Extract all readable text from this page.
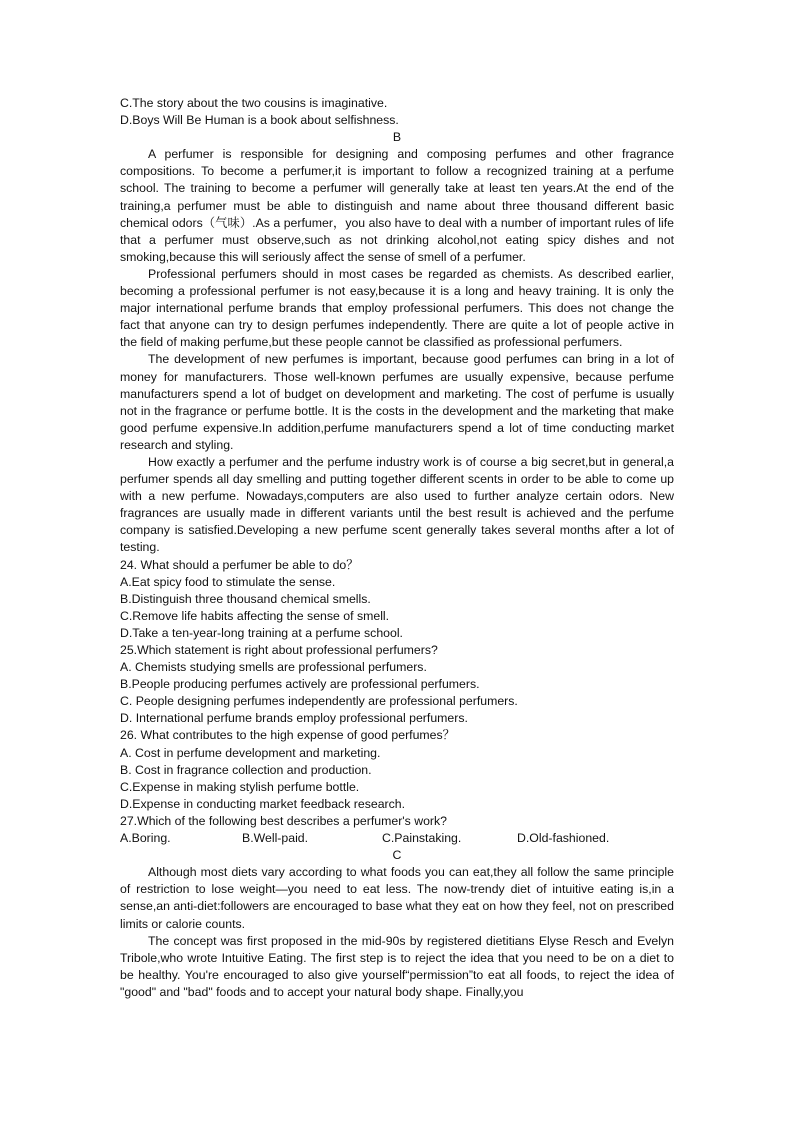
C.The story about the two cousins is imaginative.
D.Boys Will Be Human is a book about selfishness.
B

A perfumer is responsible for designing and composing perfumes and other fragrance compositions. To become a perfumer,it is important to follow a recognized training at a perfume school. The training to become a perfumer will generally take at least ten years.At the end of the training,a perfumer must be able to distinguish and name about three thousand different basic chemical odors（气味）.As a perfumer，you also have to deal with a number of important rules of life that a perfumer must observe,such as not drinking alcohol,not eating spicy dishes and not smoking,because this will seriously affect the sense of smell of a perfumer.

Professional perfumers should in most cases be regarded as chemists. As described earlier, becoming a professional perfumer is not easy,because it is a long and heavy training. It is only the major international perfume brands that employ professional perfumers. This does not change the fact that anyone can try to design perfumes independently. There are quite a lot of people active in the field of making perfume,but these people cannot be classified as professional perfumers.

The development of new perfumes is important, because good perfumes can bring in a lot of money for manufacturers. Those well-known perfumes are usually expensive, because perfume manufacturers spend a lot of budget on development and marketing. The cost of perfume is usually not in the fragrance or perfume bottle. It is the costs in the development and the marketing that make good perfume expensive.In addition,perfume manufacturers spend a lot of time conducting market research and styling.

How exactly a perfumer and the perfume industry work is of course a big secret,but in general,a perfumer spends all day smelling and putting together different scents in order to be able to come up with a new perfume. Nowadays,computers are also used to further analyze certain odors. New fragrances are usually made in different variants until the best result is achieved and the perfume company is satisfied.Developing a new perfume scent generally takes several months after a lot of testing.

24. What should a perfumer be able to do？
A.Eat spicy food to stimulate the sense.
B.Distinguish three thousand chemical smells.
C.Remove life habits affecting the sense of smell.
D.Take a ten-year-long training at a perfume school.
25.Which statement is right about professional perfumers?
A. Chemists studying smells are professional perfumers.
B.People producing perfumes actively are professional perfumers.
C. People designing perfumes independently are professional perfumers.
D. International perfume brands employ professional perfumers.
26. What contributes to the high expense of good perfumes？
A. Cost in perfume development and marketing.
B. Cost in fragrance collection and production.
C.Expense in making stylish perfume bottle.
D.Expense in conducting market feedback research.
27.Which of the following best describes a perfumer's work?
A.Boring.	B.Well-paid.	C.Painstaking.	D.Old-fashioned.
C

Although most diets vary according to what foods you can eat,they all follow the same principle of restriction to lose weight—you need to eat less. The now-trendy diet of intuitive eating is,in a sense,an anti-diet:followers are encouraged to base what they eat on how they feel, not on prescribed limits or calorie counts.

The concept was first proposed in the mid-90s by registered dietitians Elyse Resch and Evelyn Tribole,who wrote Intuitive Eating. The first step is to reject the idea that you need to be on a diet to be healthy. You're encouraged to also give yourself“permission”to eat all foods, to reject the idea of "good" and "bad" foods and to accept your natural body shape. Finally,you
